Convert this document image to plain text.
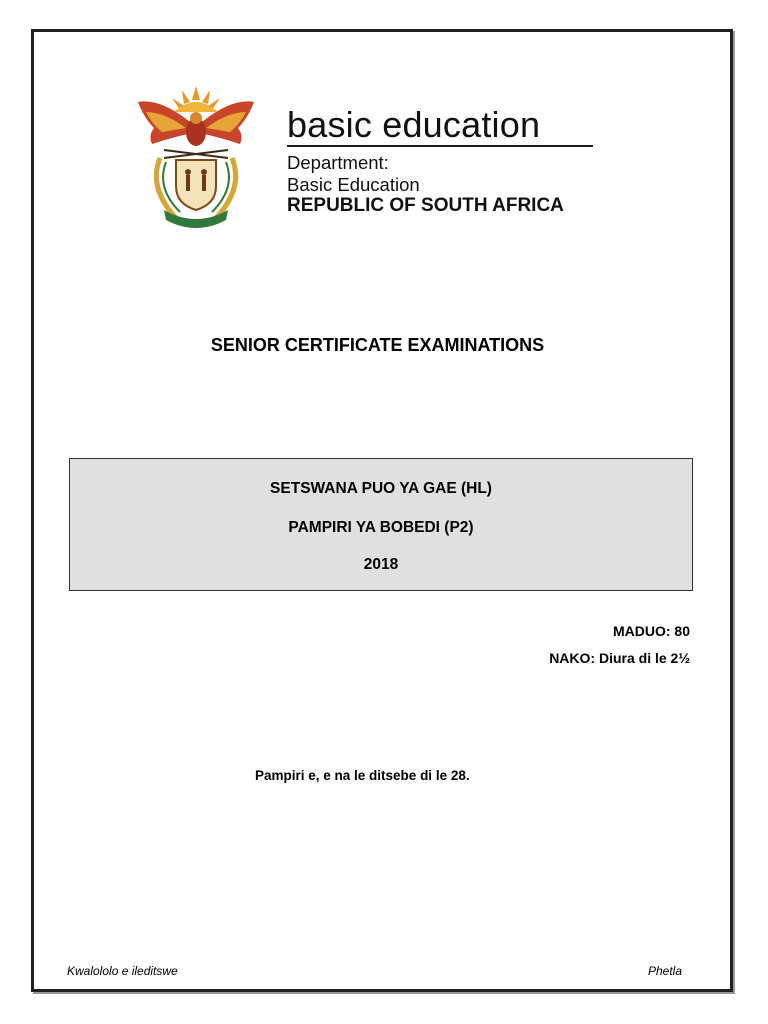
basic education
Department:
Basic Education
REPUBLIC OF SOUTH AFRICA
SENIOR CERTIFICATE EXAMINATIONS
SETSWANA PUO YA GAE (HL)
PAMPIRI YA BOBEDI (P2)
2018
MADUO: 80
NAKO: Diura di le 2½
Pampiri e, e na le ditsebe di le 28.
Kwalololo e ileditswe	Phetla
